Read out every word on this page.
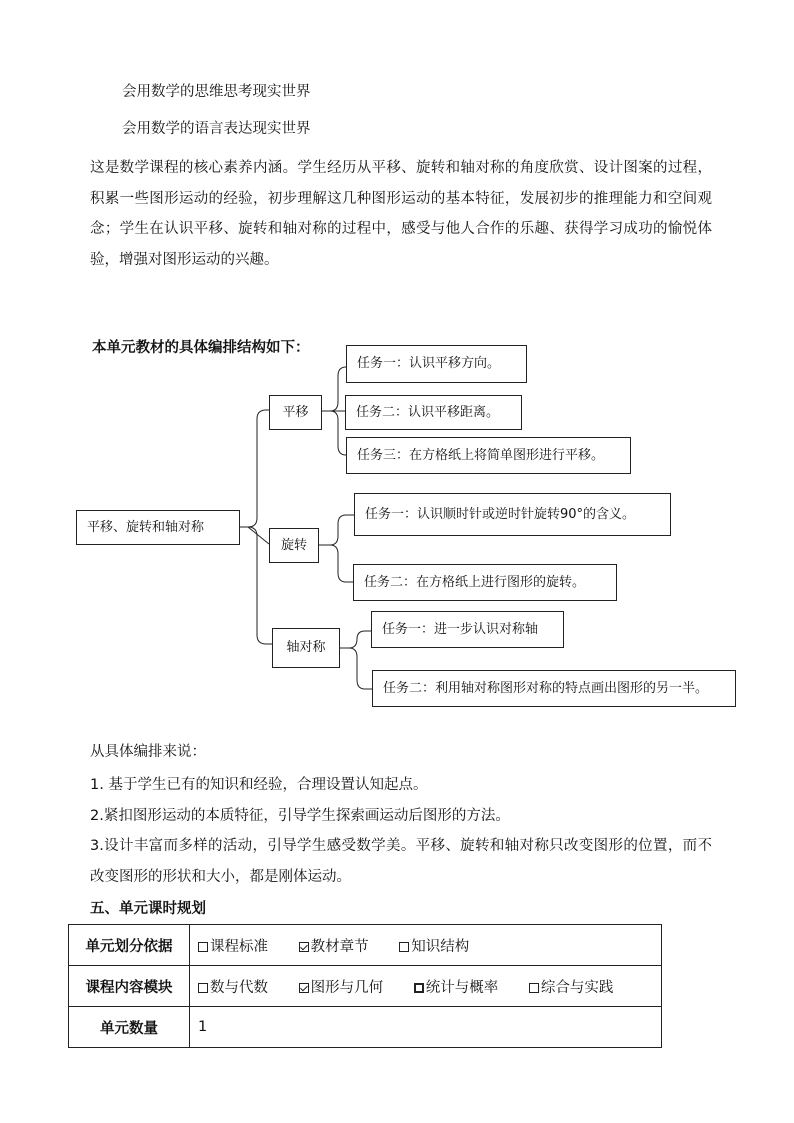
会用数学的思维思考现实世界
会用数学的语言表达现实世界
这是数学课程的核心素养内涵。学生经历从平移、旋转和轴对称的角度欣赏、设计图案的过程，积累一些图形运动的经验，初步理解这几种图形运动的基本特征，发展初步的推理能力和空间观念；学生在认识平移、旋转和轴对称的过程中，感受与他人合作的乐趣、获得学习成功的愉悦体验，增强对图形运动的兴趣。
本单元教材的具体编排结构如下：
平移、旋转和轴对称
平移
旋转
轴对称
任务一：认识平移方向。
任务二：认识平移距离。
任务三：在方格纸上将简单图形进行平移。
任务一：认识顺时针或逆时针旋转90°的含义。
任务二：在方格纸上进行图形的旋转。
任务一：进一步认识对称轴
任务二：利用轴对称图形对称的特点画出图形的另一半。
从具体编排来说：
1. 基于学生已有的知识和经验，合理设置认知起点。
2.紧扣图形运动的本质特征，引导学生探索画运动后图形的方法。
3.设计丰富而多样的活动，引导学生感受数学美。平移、旋转和轴对称只改变图形的位置，而不改变图形的形状和大小，都是刚体运动。
五、单元课时规划
单元划分依据	课程标准 教材章节 知识结构
课程内容模块	数与代数 图形与几何 统计与概率 综合与实践
单元数量	1
